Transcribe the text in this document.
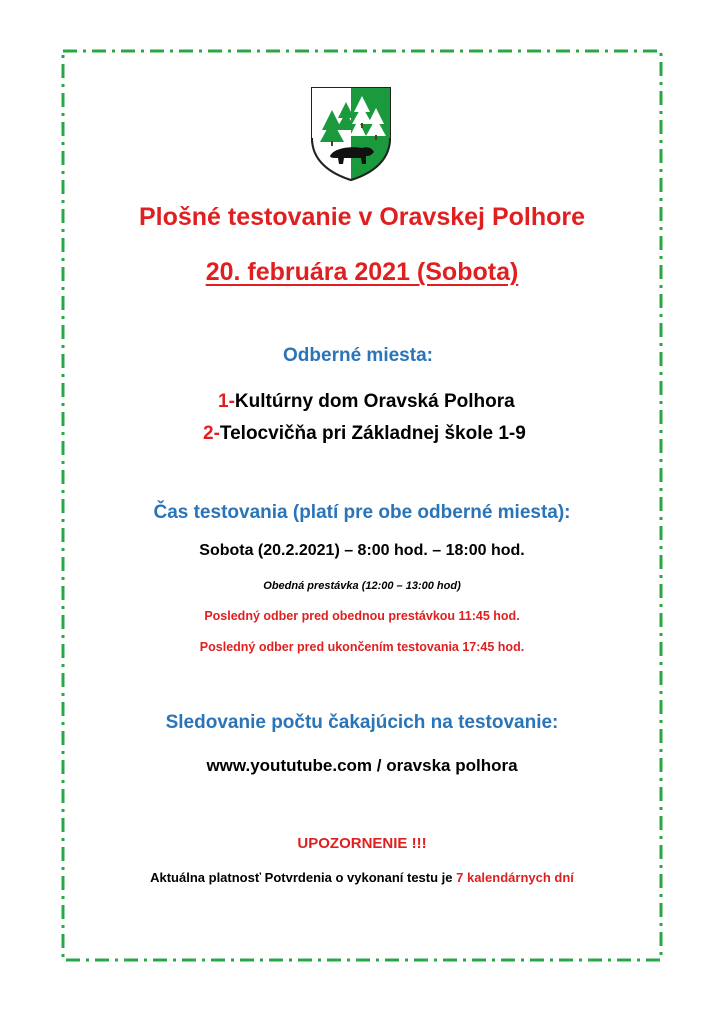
Plošné testovanie v Oravskej Polhore
20. februára 2021 (Sobota)
Odberné miesta:
1-Kultúrny dom Oravská Polhora
2-Telocvičňa pri Základnej škole 1-9
Čas testovania (platí pre obe odberné miesta):
Sobota (20.2.2021) – 8:00 hod. – 18:00 hod.
Obedná prestávka (12:00 – 13:00 hod)
Posledný odber pred obednou prestávkou 11:45 hod.
Posledný odber pred ukončením testovania 17:45 hod.
Sledovanie počtu čakajúcich na testovanie:
www.yoututube.com / oravska polhora
UPOZORNENIE !!!
Aktuálna platnosť Potvrdenia o vykonaní testu je 7 kalendárnych dní
